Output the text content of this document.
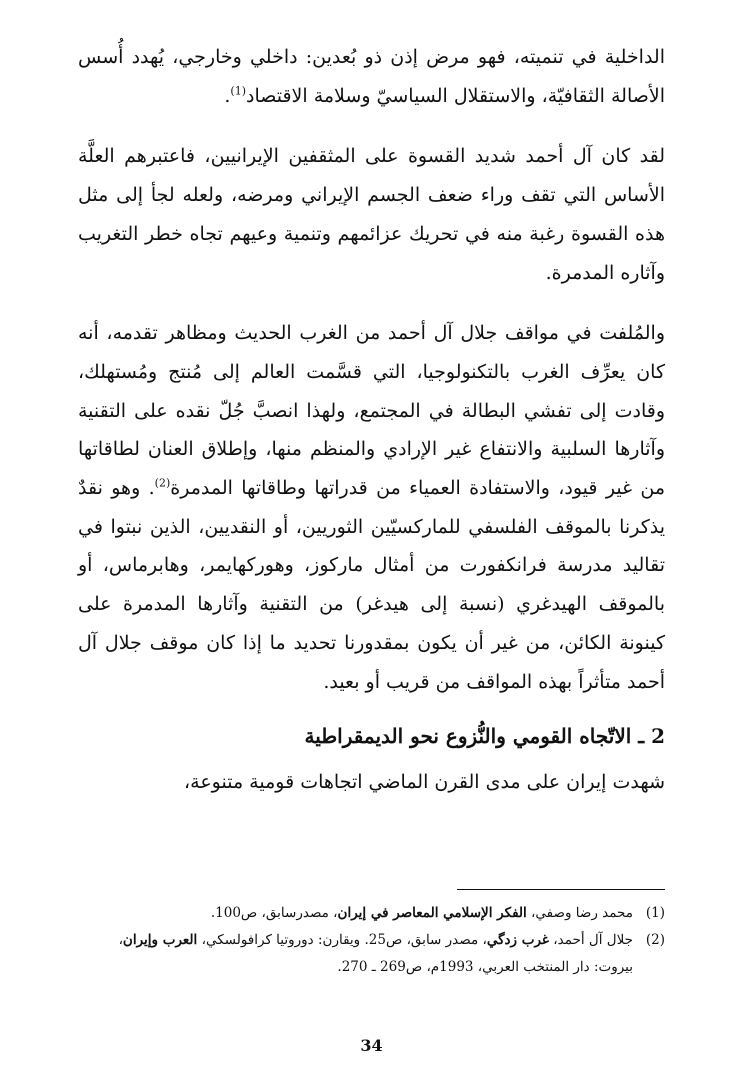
الداخلية في تنميته، فهو مرض إذن ذو بُعدين: داخلي وخارجي، يُهدد أُسس الأصالة الثقافيّة، والاستقلال السياسيّ وسلامة الاقتصاد$^{(1)}$.

لقد كان آل أحمد شديد القسوة على المثقفين الإيرانيين، فاعتبرهم العلَّة الأساس التي تقف وراء ضعف الجسم الإيراني ومرضه، ولعله لجأ إلى مثل هذه القسوة رغبة منه في تحريك عزائمهم وتنمية وعيهم تجاه خطر التغريب وآثاره المدمرة.

والمُلفت في مواقف جلال آل أحمد من الغرب الحديث ومظاهر تقدمه، أنه كان يعرِّف الغرب بالتكنولوجيا، التي قسَّمت العالم إلى مُنتج ومُستهلك، وقادت إلى تفشي البطالة في المجتمع، ولهذا انصبَّ جُلّ نقده على التقنية وآثارها السلبية والانتفاع غير الإرادي والمنظم منها، وإطلاق العنان لطاقاتها من غير قيود، والاستفادة العمياء من قدراتها وطاقاتها المدمرة$^{(2)}$. وهو نقدٌ يذكرنا بالموقف الفلسفي للماركسيّين الثوريين، أو النقديين، الذين نبتوا في تقاليد مدرسة فرانكفورت من أمثال ماركوز، وهوركهايمر، وهابرماس، أو بالموقف الهيدغري (نسبة إلى هيدغر) من التقنية وآثارها المدمرة على كينونة الكائن، من غير أن يكون بمقدورنا تحديد ما إذا كان موقف جلال آل أحمد متأثراً بهذه المواقف من قريب أو بعيد.

2 ـ الاتّجاه القومي والنُّزوع نحو الديمقراطية

شهدت إيران على مدى القرن الماضي اتجاهات قومية متنوعة،

(1)
محمد رضا وصفي، الفكر الإسلامي المعاصر في إيران، مصدرسابق، ص100.
(2)
جلال آل أحمد، غرب زدگي، مصدر سابق، ص25. ويقارن: دوروتيا كرافولسكي، العرب وإيران، بيروت: دار المنتخب العربي، 1993م، ص269 ـ 270.
34
